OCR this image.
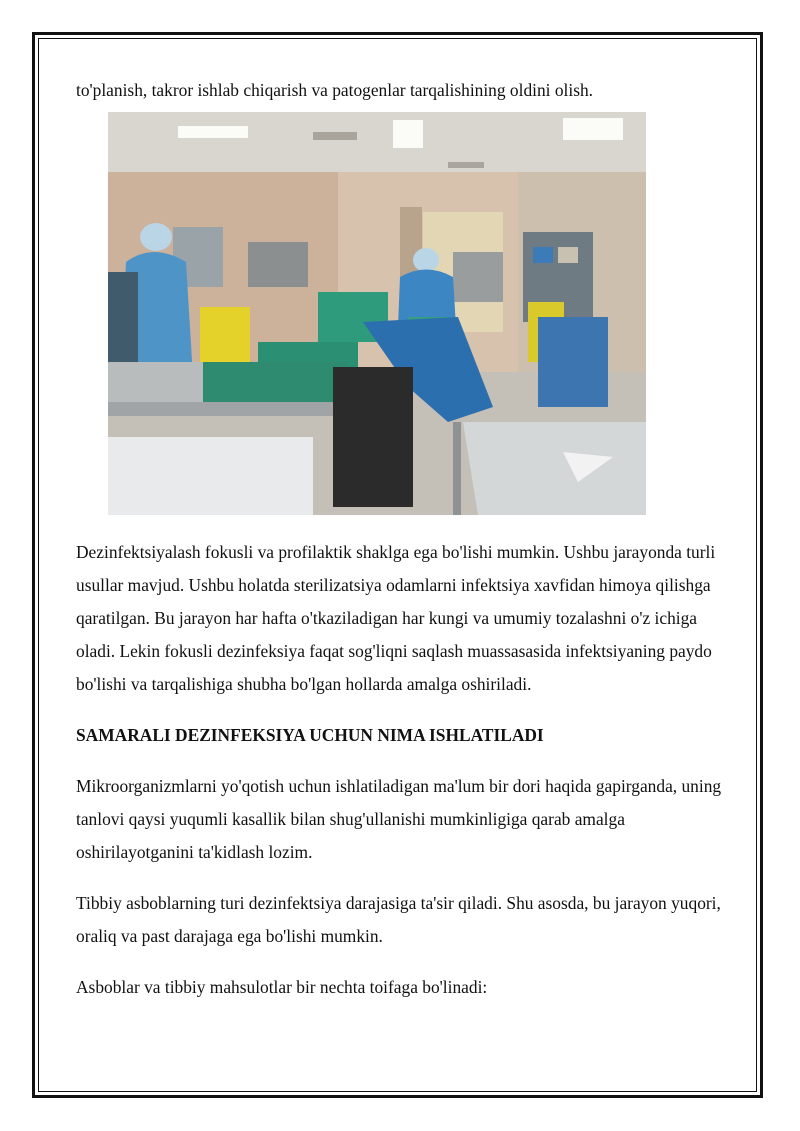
to'planish, takror ishlab chiqarish va patogenlar tarqalishining oldini olish.

Dezinfektsiyalash fokusli va profilaktik shaklga ega bo'lishi mumkin. Ushbu jarayonda turli usullar mavjud. Ushbu holatda sterilizatsiya odamlarni infektsiya xavfidan himoya qilishga qaratilgan. Bu jarayon har hafta o'tkaziladigan har kungi va umumiy tozalashni o'z ichiga oladi. Lekin fokusli dezinfeksiya faqat sog'liqni saqlash muassasasida infektsiyaning paydo bo'lishi va tarqalishiga shubha bo'lgan hollarda amalga oshiriladi.

SAMARALI DEZINFEKSIYA UCHUN NIMA ISHLATILADI

Mikroorganizmlarni yo'qotish uchun ishlatiladigan ma'lum bir dori haqida gapirganda, uning tanlovi qaysi yuqumli kasallik bilan shug'ullanishi mumkinligiga qarab amalga oshirilayotganini ta'kidlash lozim.

Tibbiy asboblarning turi dezinfektsiya darajasiga ta'sir qiladi. Shu asosda, bu jarayon yuqori, oraliq va past darajaga ega bo'lishi mumkin.

Asboblar va tibbiy mahsulotlar bir nechta toifaga bo'linadi:
